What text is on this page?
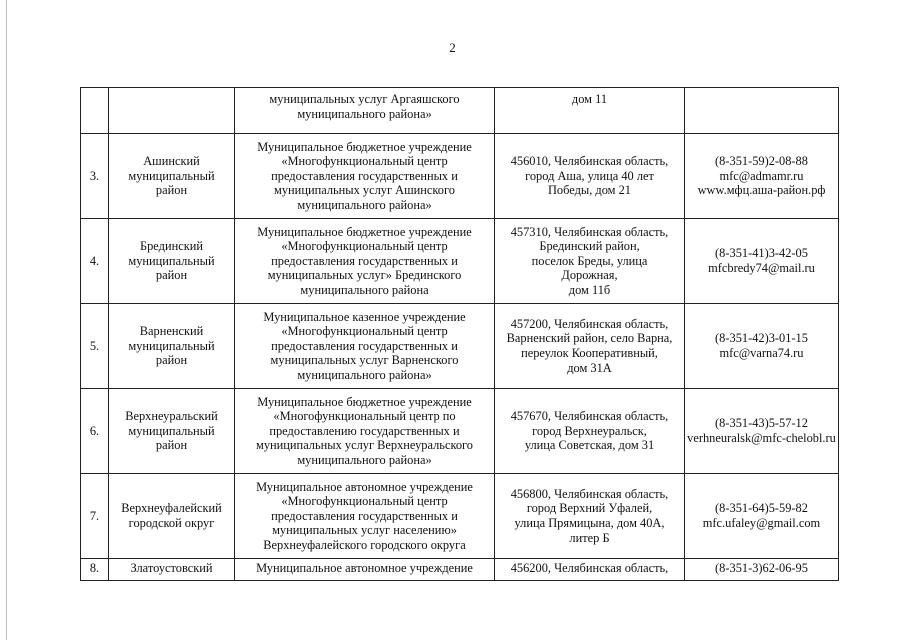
2

		муниципальных услуг Аргаяшского
муниципального района»	дом 11	

3.	Ашинский
муниципальный
район	Муниципальное бюджетное учреждение
«Многофункциональный центр
предоставления государственных и
муниципальных услуг Ашинского
муниципального района»	456010, Челябинская область,
город Аша, улица 40 лет
Победы, дом 21	(8-351-59)2-08-88
mfc@admamr.ru
www.мфц.аша-район.рф

4.	Брединский
муниципальный
район	Муниципальное бюджетное учреждение
«Многофункциональный центр
предоставления государственных и
муниципальных услуг» Брединского
муниципального района	457310, Челябинская область,
Брединский район,
поселок Бреды, улица
Дорожная,
дом 11б	(8-351-41)3-42-05
mfcbredy74@mail.ru

5.	Варненский
муниципальный
район	Муниципальное казенное учреждение
«Многофункциональный центр
предоставления государственных и
муниципальных услуг Варненского
муниципального района»	457200, Челябинская область,
Варненский район, село Варна,
переулок Кооперативный,
дом 31А	(8-351-42)3-01-15
mfc@varna74.ru

6.	Верхнеуральский
муниципальный
район	Муниципальное бюджетное учреждение
«Многофункциональный центр по
предоставлению государственных и
муниципальных услуг Верхнеуральского
муниципального района»	457670, Челябинская область,
город Верхнеуральск,
улица Советская, дом 31	(8-351-43)5-57-12
verhneuralsk@mfc-chelobl.ru

7.	Верхнеуфалейский
городской округ	Муниципальное автономное учреждение
«Многофункциональный центр
предоставления государственных и
муниципальных услуг населению»
Верхнеуфалейского городского округа	456800, Челябинская область,
город Верхний Уфалей,
улица Прямицына, дом 40А,
литер Б	(8-351-64)5-59-82
mfc.ufaley@gmail.com

8.	Златоустовский	Муниципальное автономное учреждение	456200, Челябинская область,	(8-351-3)62-06-95
